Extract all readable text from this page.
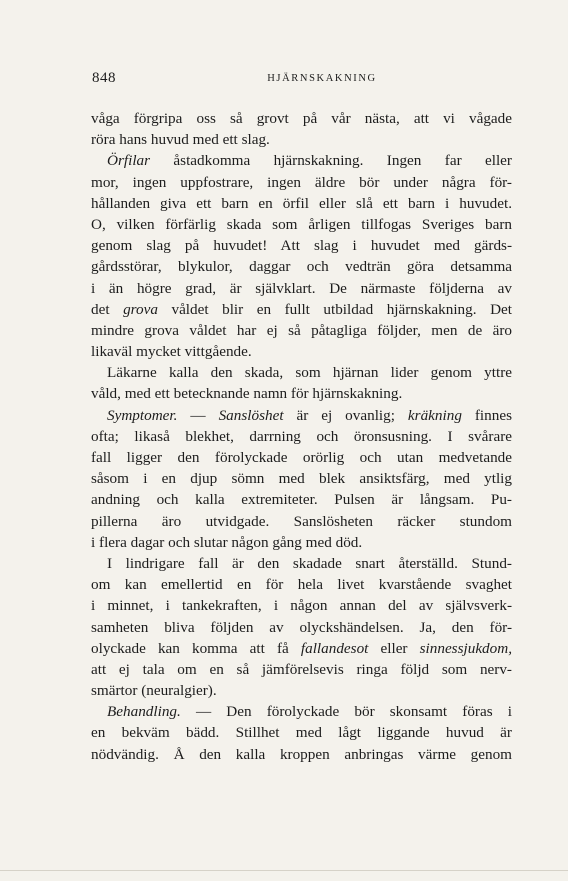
848	HJÄRNSKAKNING
våga förgripa oss så grovt på vår nästa, att vi vågade
röra hans huvud med ett slag.
Örfilar åstadkomma hjärnskakning. Ingen far eller
mor, ingen uppfostrare, ingen äldre bör under några för-
hållanden giva ett barn en örfil eller slå ett barn i huvudet.
O, vilken förfärlig skada som årligen tillfogas Sveriges barn
genom slag på huvudet! Att slag i huvudet med gärds-
gårdsstörar, blykulor, daggar och vedträn göra detsamma
i än högre grad, är självklart. De närmaste följderna av
det grova våldet blir en fullt utbildad hjärnskakning. Det
mindre grova våldet har ej så påtagliga följder, men de äro
likaväl mycket vittgående.
Läkarne kalla den skada, som hjärnan lider genom yttre
våld, med ett betecknande namn för hjärnskakning.
Symptomer. — Sanslöshet är ej ovanlig; kräkning finnes
ofta; likaså blekhet, darrning och öronsusning. I svårare
fall ligger den förolyckade orörlig och utan medvetande
såsom i en djup sömn med blek ansiktsfärg, med ytlig
andning och kalla extremiteter. Pulsen är långsam. Pu-
pillerna äro utvidgade. Sanslösheten räcker stundom
i flera dagar och slutar någon gång med död.
I lindrigare fall är den skadade snart återställd. Stund-
om kan emellertid en för hela livet kvarstående svaghet
i minnet, i tankekraften, i någon annan del av självsverk-
samheten bliva följden av olyckshändelsen. Ja, den för-
olyckade kan komma att få fallandesot eller sinnessjukdom,
att ej tala om en så jämförelsevis ringa följd som nerv-
smärtor (neuralgier).
Behandling. — Den förolyckade bör skonsamt föras i
en bekväm bädd. Stillhet med lågt liggande huvud är
nödvändig. Å den kalla kroppen anbringas värme genom
